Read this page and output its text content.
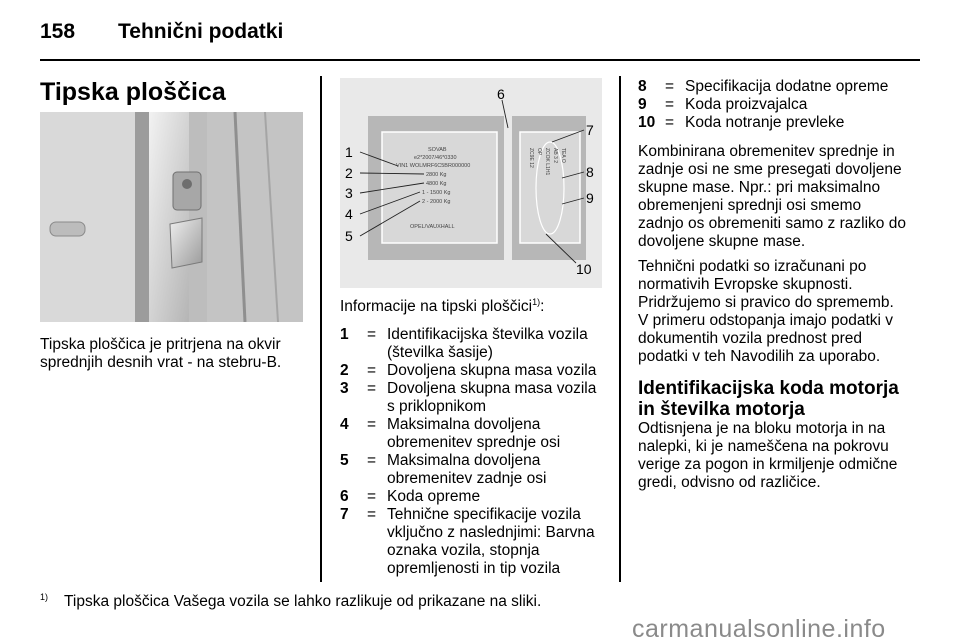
158 Tehnični podatki
Tipska ploščica
Tipska ploščica je pritrjena na okvir sprednjih desnih vrat - na stebru-B.
SOVAB
e2*2007/46*0330
VIN1 WOLMRF6C5BR000000
2800 Kg
4800 Kg
1 - 1500 Kg
2 - 2000 Kg
OPEL/VAUXHALL
ZC9E 12 OP ZCOK L1H1 AB 3 2 TEA O
1
2
3
4
5
6
7
8
9
10
Informacije na tipski ploščici$^{1)}$:
1 = Identifikacijska številka vozila (številka šasije)
2 = Dovoljena skupna masa vozila
3 = Dovoljena skupna masa vozila s priklopnikom
4 = Maksimalna dovoljena obremenitev sprednje osi
5 = Maksimalna dovoljena obremenitev zadnje osi
6 = Koda opreme
7 = Tehnične specifikacije vozila vključno z naslednjimi: Barvna oznaka vozila, stopnja opremljenosti in tip vozila
8 = Specifikacija dodatne opreme
9 = Koda proizvajalca
10 = Koda notranje prevleke

Kombinirana obremenitev sprednje in zadnje osi ne sme presegati dovoljene skupne mase. Npr.: pri maksimalno obremenjeni sprednji osi smemo zadnjo os obremeniti samo z razliko do dovoljene skupne mase.

Tehnični podatki so izračunani po normativih Evropske skupnosti. Pridržujemo si pravico do sprememb. V primeru odstopanja imajo podatki v dokumentih vozila prednost pred podatki v teh Navodilih za uporabo.

Identifikacijska koda motorja in številka motorja

Odtisnjena je na bloku motorja in na nalepki, ki je nameščena na pokrovu verige za pogon in krmiljenje odmične gredi, odvisno od različice.

$^{1)}$ Tipska ploščica Vašega vozila se lahko razlikuje od prikazane na sliki.
carmanualsonline.info
